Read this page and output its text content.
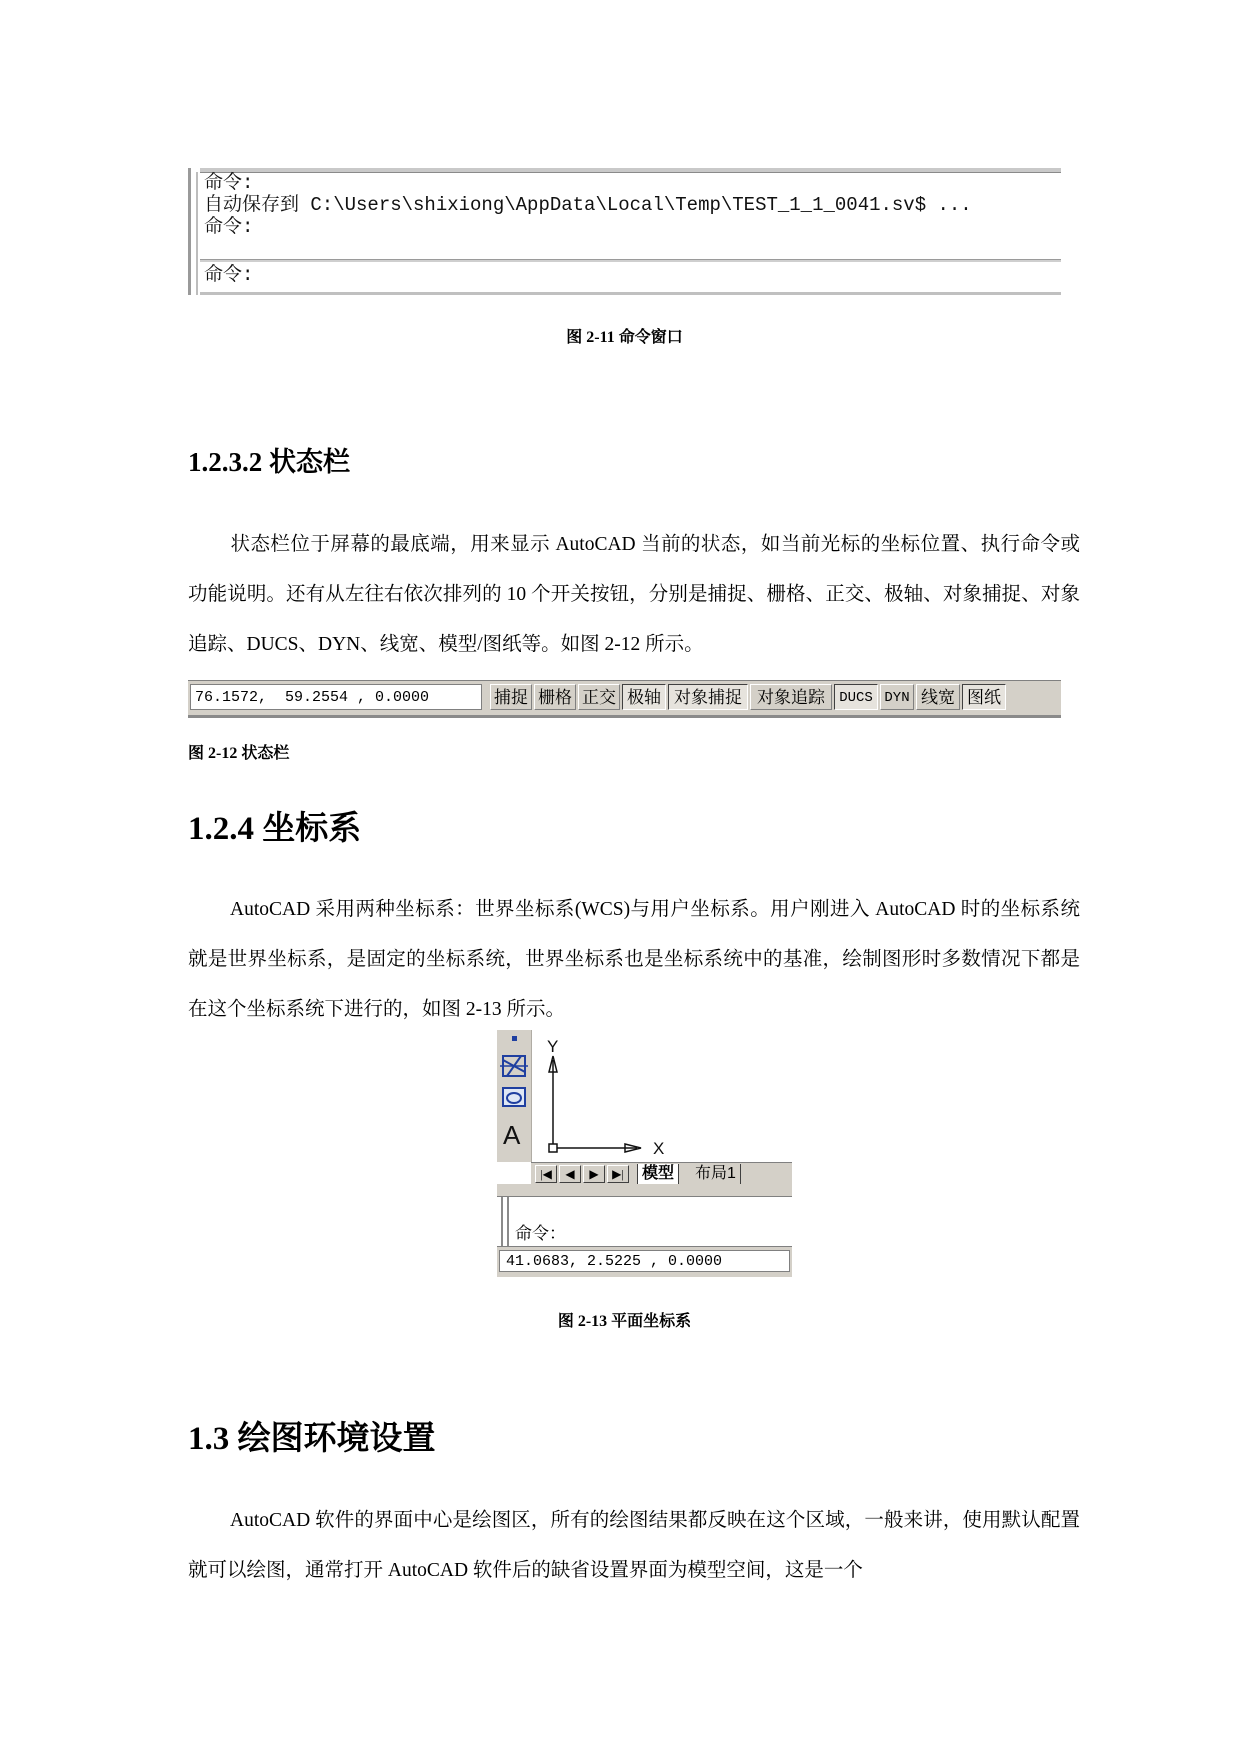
命令:
自动保存到 C:\Users\shixiong\AppData\Local\Temp\TEST_1_1_0041.sv$ ...
命令:
命令:
图 2-11 命令窗口
1.2.3.2 状态栏
状态栏位于屏幕的最底端，用来显示 AutoCAD 当前的状态，如当前光标的坐标位置、执行命令或功能说明。还有从左往右依次排列的 10 个开关按钮，分别是捕捉、栅格、正交、极轴、对象捕捉、对象追踪、DUCS、DYN、线宽、模型/图纸等。如图 2-12 所示。
76.1572,  59.2554 , 0.0000	捕捉 栅格 正交 极轴 对象捕捉 对象追踪	DUCS DYN 线宽 图纸
图 2-12 状态栏
1.2.4 坐标系
AutoCAD 采用两种坐标系：世界坐标系(WCS)与用户坐标系。用户刚进入 AutoCAD 时的坐标系统就是世界坐标系，是固定的坐标系统，世界坐标系也是坐标系统中的基准，绘制图形时多数情况下都是在这个坐标系统下进行的，如图 2-13 所示。
A
Y
X
|◀	◀	▶	▶|	模型	布局1
命令：
41.0683, 2.5225 , 0.0000
图 2-13 平面坐标系
1.3 绘图环境设置
AutoCAD 软件的界面中心是绘图区，所有的绘图结果都反映在这个区域，一般来讲，使用默认配置就可以绘图，通常打开 AutoCAD 软件后的缺省设置界面为模型空间，这是一个
